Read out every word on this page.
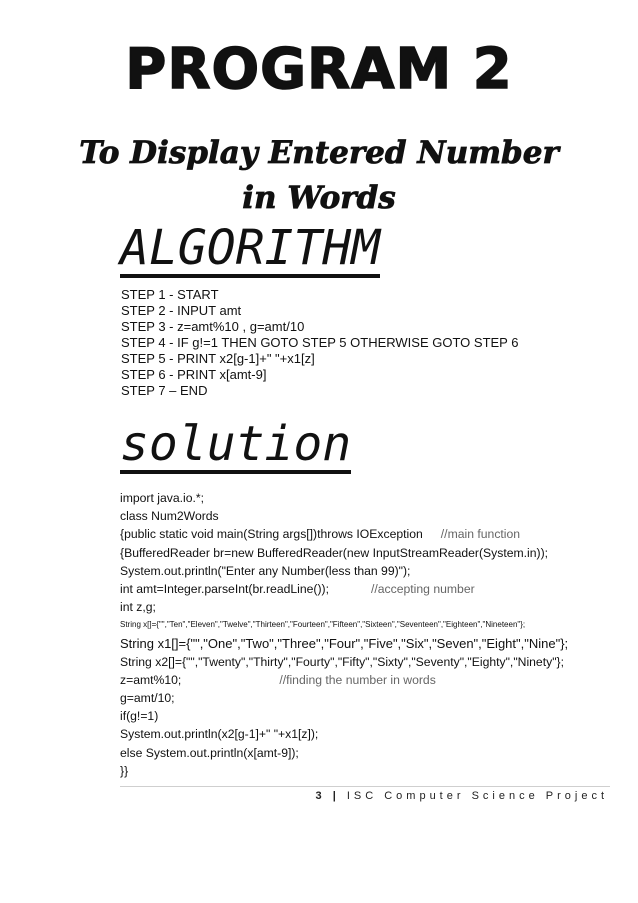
PROGRAM 2
To Display Entered Number
in Words
ALGORITHM
STEP 1 - START
STEP 2 - INPUT amt
STEP 3 - z=amt%10 , g=amt/10
STEP 4 - IF g!=1 THEN GOTO STEP 5 OTHERWISE GOTO STEP 6
STEP 5 - PRINT x2[g-1]+" "+x1[z]
STEP 6 - PRINT x[amt-9]
STEP 7 – END
solution
import java.io.*;
class Num2Words
{public static void main(String args[])throws IOException //main function
{BufferedReader br=new BufferedReader(new InputStreamReader(System.in));
System.out.println("Enter any Number(less than 99)");
int amt=Integer.parseInt(br.readLine());	//accepting number
int z,g;
String x[]={"","Ten","Eleven","Twelve","Thirteen","Fourteen","Fifteen","Sixteen","Seventeen","Eighteen","Nineteen"};
String x1[]={"","One","Two","Three","Four","Five","Six","Seven","Eight","Nine"};
String x2[]={"","Twenty","Thirty","Fourty","Fifty","Sixty","Seventy","Eighty","Ninety"};
z=amt%10;	//finding the number in words
g=amt/10;
if(g!=1)
System.out.println(x2[g-1]+" "+x1[z]);
else System.out.println(x[amt-9]);
}}
3 | ISC Computer Science Project
